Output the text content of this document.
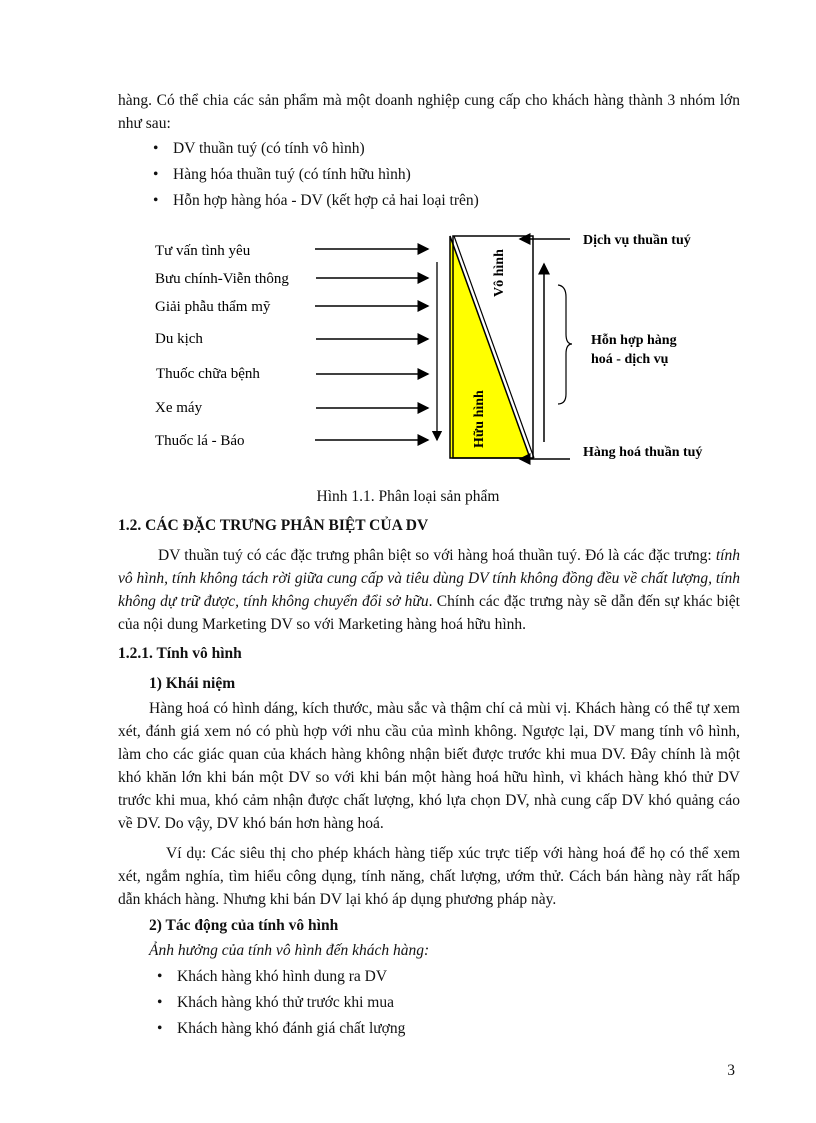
hàng. Có thể chia các sản phẩm mà một doanh nghiệp cung cấp cho khách hàng thành 3 nhóm lớn như sau:

• DV thuần tuý (có tính vô hình)
• Hàng hóa thuần tuý (có tính hữu hình)
• Hỗn hợp hàng hóa - DV (kết hợp cả hai loại trên)
Tư vấn tình yêu
Bưu chính-Viễn thông
Giải phẫu thẩm mỹ
Du kịch
Thuốc chữa bệnh
Xe máy
Thuốc lá - Báo
Vô hình
Hữu hình
Dịch vụ thuần tuý
Hỗn hợp hàng
hoá - dịch vụ
Hàng hoá thuần tuý
Hình 1.1. Phân loại sản phẩm
1.2. CÁC ĐẶC TRƯNG PHÂN BIỆT CỦA DV

DV thuần tuý có các đặc trưng phân biệt so với hàng hoá thuần tuý. Đó là các đặc trưng: tính vô hình, tính không tách rời giữa cung cấp và tiêu dùng DV tính không đồng đều về chất lượng, tính không dự trữ được, tính không chuyển đổi sở hữu. Chính các đặc trưng này sẽ dẫn đến sự khác biệt của nội dung Marketing DV so với Marketing hàng hoá hữu hình.

1.2.1. Tính vô hình
1) Khái niệm

Hàng hoá có hình dáng, kích thước, màu sắc và thậm chí cả mùi vị. Khách hàng có thể tự xem xét, đánh giá xem nó có phù hợp với nhu cầu của mình không. Ngược lại, DV mang tính vô hình, làm cho các giác quan của khách hàng không nhận biết được trước khi mua DV. Đây chính là một khó khăn lớn khi bán một DV so với khi bán một hàng hoá hữu hình, vì khách hàng khó thử DV trước khi mua, khó cảm nhận được chất lượng, khó lựa chọn DV, nhà cung cấp DV khó quảng cáo về DV. Do vậy, DV khó bán hơn hàng hoá.

Ví dụ: Các siêu thị cho phép khách hàng tiếp xúc trực tiếp với hàng hoá để họ có thể xem xét, ngắm nghía, tìm hiểu công dụng, tính năng, chất lượng, ướm thử. Cách bán hàng này rất hấp dẫn khách hàng. Nhưng khi bán DV lại khó áp dụng phương pháp này.

2) Tác động của tính vô hình
Ảnh hưởng của tính vô hình đến khách hàng:
• Khách hàng khó hình dung ra DV
• Khách hàng khó thử trước khi mua
• Khách hàng khó đánh giá chất lượng
3
